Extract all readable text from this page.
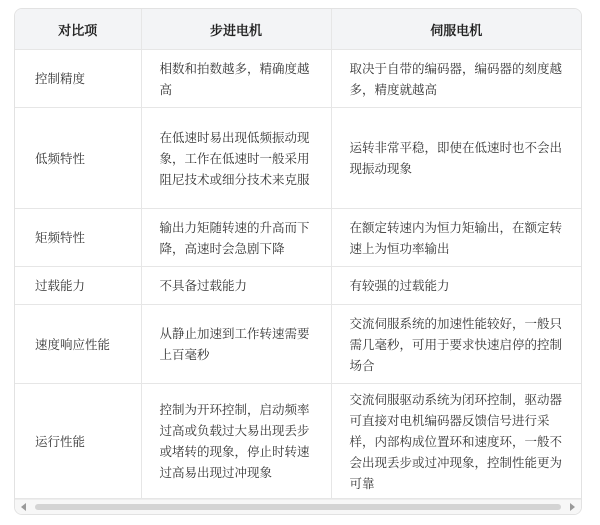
对比项	步进电机	伺服电机
控制精度	相数和拍数越多，精确度越高	取决于自带的编码器，编码器的刻度越多，精度就越高
低频特性	在低速时易出现低频振动现象，工作在低速时一般采用阻尼技术或细分技术来克服	运转非常平稳，即使在低速时也不会出现振动现象
矩频特性	输出力矩随转速的升高而下降，高速时会急剧下降	在额定转速内为恒力矩输出，在额定转速上为恒功率输出
过载能力	不具备过载能力	有较强的过载能力
速度响应性能	从静止加速到工作转速需要上百毫秒	交流伺服系统的加速性能较好，一般只需几毫秒，可用于要求快速启停的控制场合
运行性能	控制为开环控制，启动频率过高或负载过大易出现丢步或堵转的现象，停止时转速过高易出现过冲现象	交流伺服驱动系统为闭环控制，驱动器可直接对电机编码器反馈信号进行采样，内部构成位置环和速度环，一般不会出现丢步或过冲现象，控制性能更为可靠
